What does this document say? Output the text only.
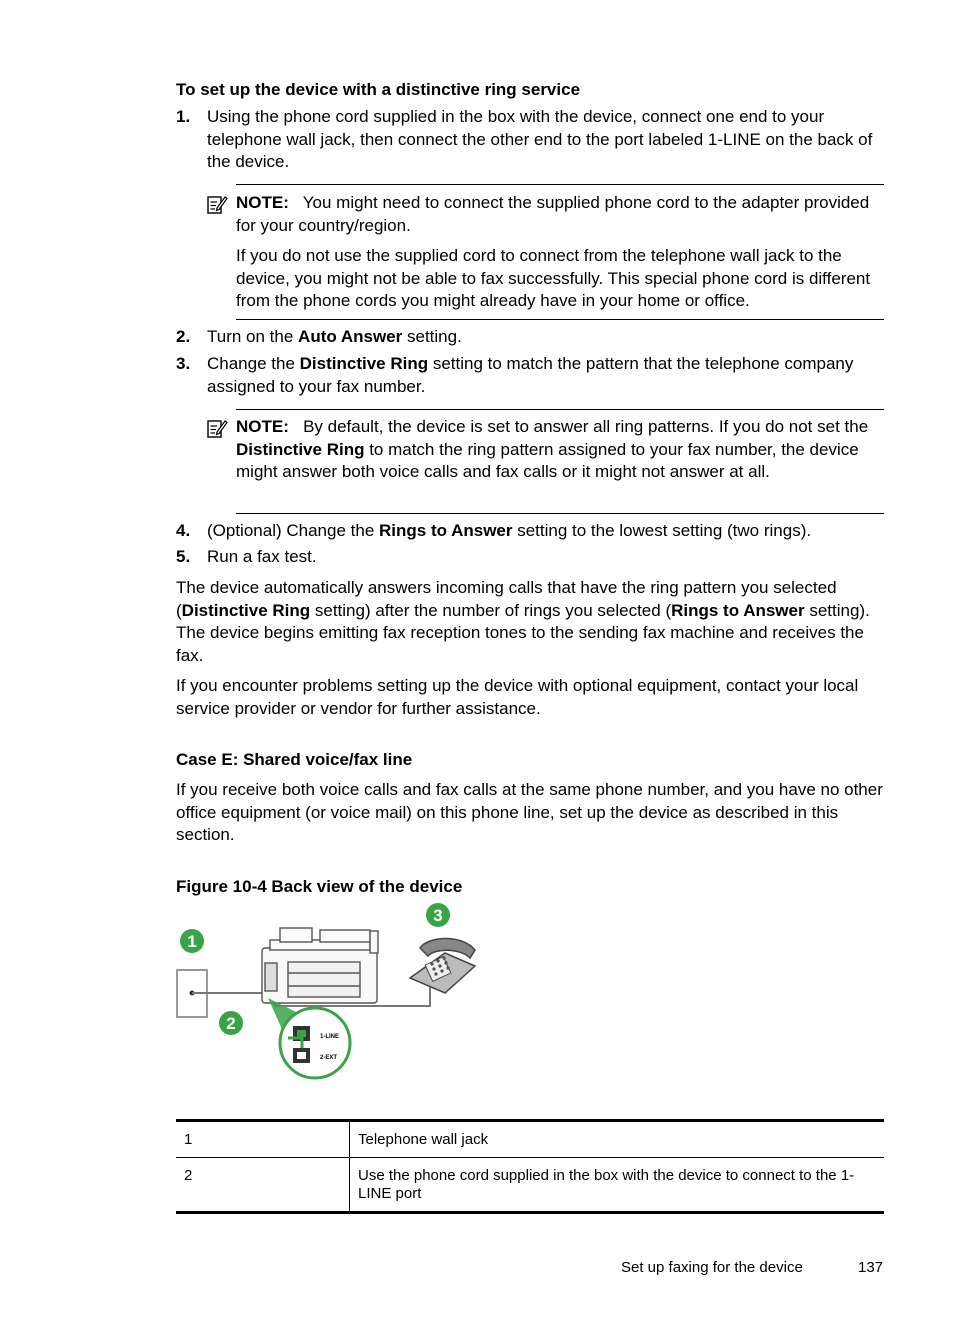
To set up the device with a distinctive ring service
1. Using the phone cord supplied in the box with the device, connect one end to your telephone wall jack, then connect the other end to the port labeled 1-LINE on the back of the device.

NOTE: You might need to connect the supplied phone cord to the adapter provided for your country/region.

If you do not use the supplied cord to connect from the telephone wall jack to the device, you might not be able to fax successfully. This special phone cord is different from the phone cords you might already have in your home or office.

2. Turn on the Auto Answer setting.
3. Change the Distinctive Ring setting to match the pattern that the telephone company assigned to your fax number.

NOTE: By default, the device is set to answer all ring patterns. If you do not set the Distinctive Ring to match the ring pattern assigned to your fax number, the device might answer both voice calls and fax calls or it might not answer at all.

4. (Optional) Change the Rings to Answer setting to the lowest setting (two rings).
5. Run a fax test.

The device automatically answers incoming calls that have the ring pattern you selected (Distinctive Ring setting) after the number of rings you selected (Rings to Answer setting). The device begins emitting fax reception tones to the sending fax machine and receives the fax.

If you encounter problems setting up the device with optional equipment, contact your local service provider or vendor for further assistance.

Case E: Shared voice/fax line

If you receive both voice calls and fax calls at the same phone number, and you have no other office equipment (or voice mail) on this phone line, set up the device as described in this section.

Figure 10-4 Back view of the device
1-LINE
2-EXT
1
2
3
1	Telephone wall jack
2	Use the phone cord supplied in the box with the device to connect to the 1-LINE port
Set up faxing for the device	137
